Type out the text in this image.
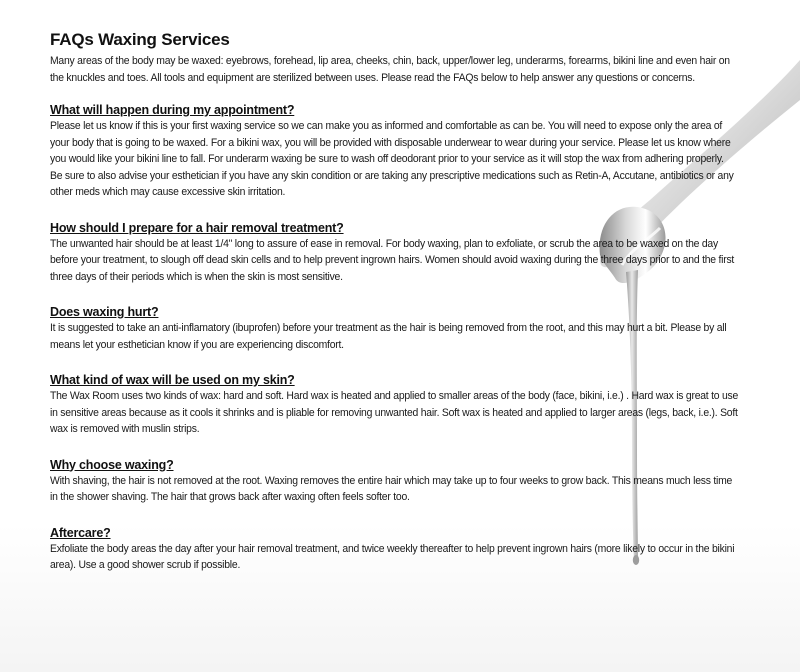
FAQs Waxing Services

Many areas of the body may be waxed: eyebrows, forehead, lip area, cheeks, chin, back, upper/lower leg, underarms, forearms, bikini line and even hair on the knuckles and toes. All tools and equipment are sterilized between uses. Please read the FAQs below to help answer any questions or concerns.

What will happen during my appointment?

Please let us know if this is your first waxing service so we can make you as informed and comfortable as can be. You will need to expose only the area of your body that is going to be waxed. For a bikini wax, you will be provided with disposable underwear to wear during your service. Please let us know where you would like your bikini line to fall. For underarm waxing be sure to wash off deodorant prior to your service as it will stop the wax from adhering properly.

Be sure to also advise your esthetician if you have any skin condition or are taking any prescriptive medications such as Retin-A, Accutane, antibiotics or any other meds which may cause excessive skin irritation.

How should I prepare for a hair removal treatment?

The unwanted hair should be at least 1/4" long to assure of ease in removal. For body waxing, plan to exfoliate, or scrub the area to be waxed on the day before your treatment, to slough off dead skin cells and to help prevent ingrown hairs. Women should avoid waxing during the three days prior to and the first three days of their periods which is when the skin is most sensitive.

Does waxing hurt?

It is suggested to take an anti-inflamatory (ibuprofen) before your treatment as the hair is being removed from the root, and this may hurt a bit. Please by all means let your esthetician know if you are experiencing discomfort.

What kind of wax will be used on my skin?

The Wax Room uses two kinds of wax: hard and soft. Hard wax is heated and applied to smaller areas of the body (face, bikini, i.e.) . Hard wax is great to use in sensitive areas because as it cools it shrinks and is pliable for removing unwanted hair. Soft wax is heated and applied to larger areas (legs, back, i.e.). Soft wax is removed with muslin strips.

Why choose waxing?

With shaving, the hair is not removed at the root. Waxing removes the entire hair which may take up to four weeks to grow back. This means much less time in the shower shaving. The hair that grows back after waxing often feels softer too.

Aftercare?

Exfoliate the body areas the day after your hair removal treatment, and twice weekly thereafter to help prevent ingrown hairs (more likely to occur in the bikini area). Use a good shower scrub if possible.
